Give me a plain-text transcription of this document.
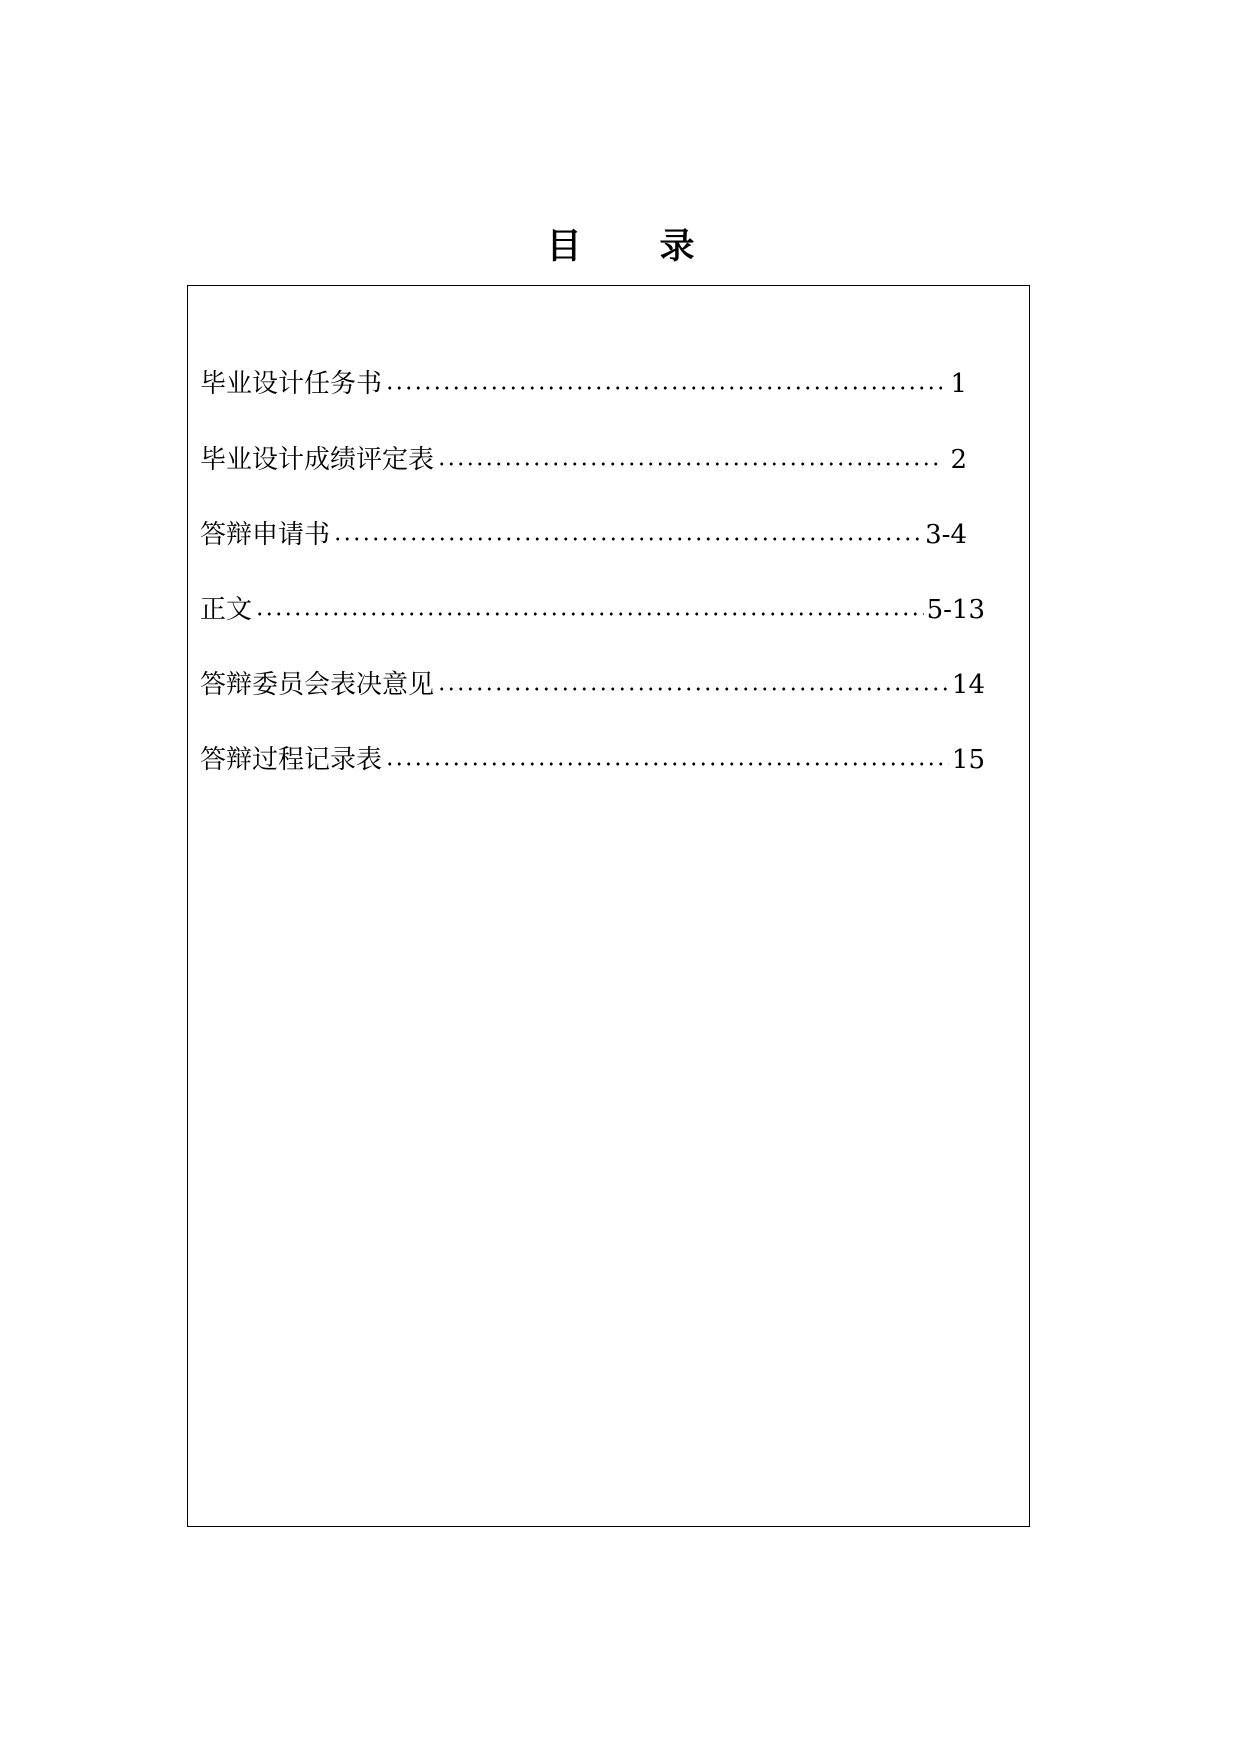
目 录
毕业设计任务书	1
毕业设计成绩评定表	2
答辩申请书	3-4
正文	5-13
答辩委员会表决意见	14
答辩过程记录表	15
